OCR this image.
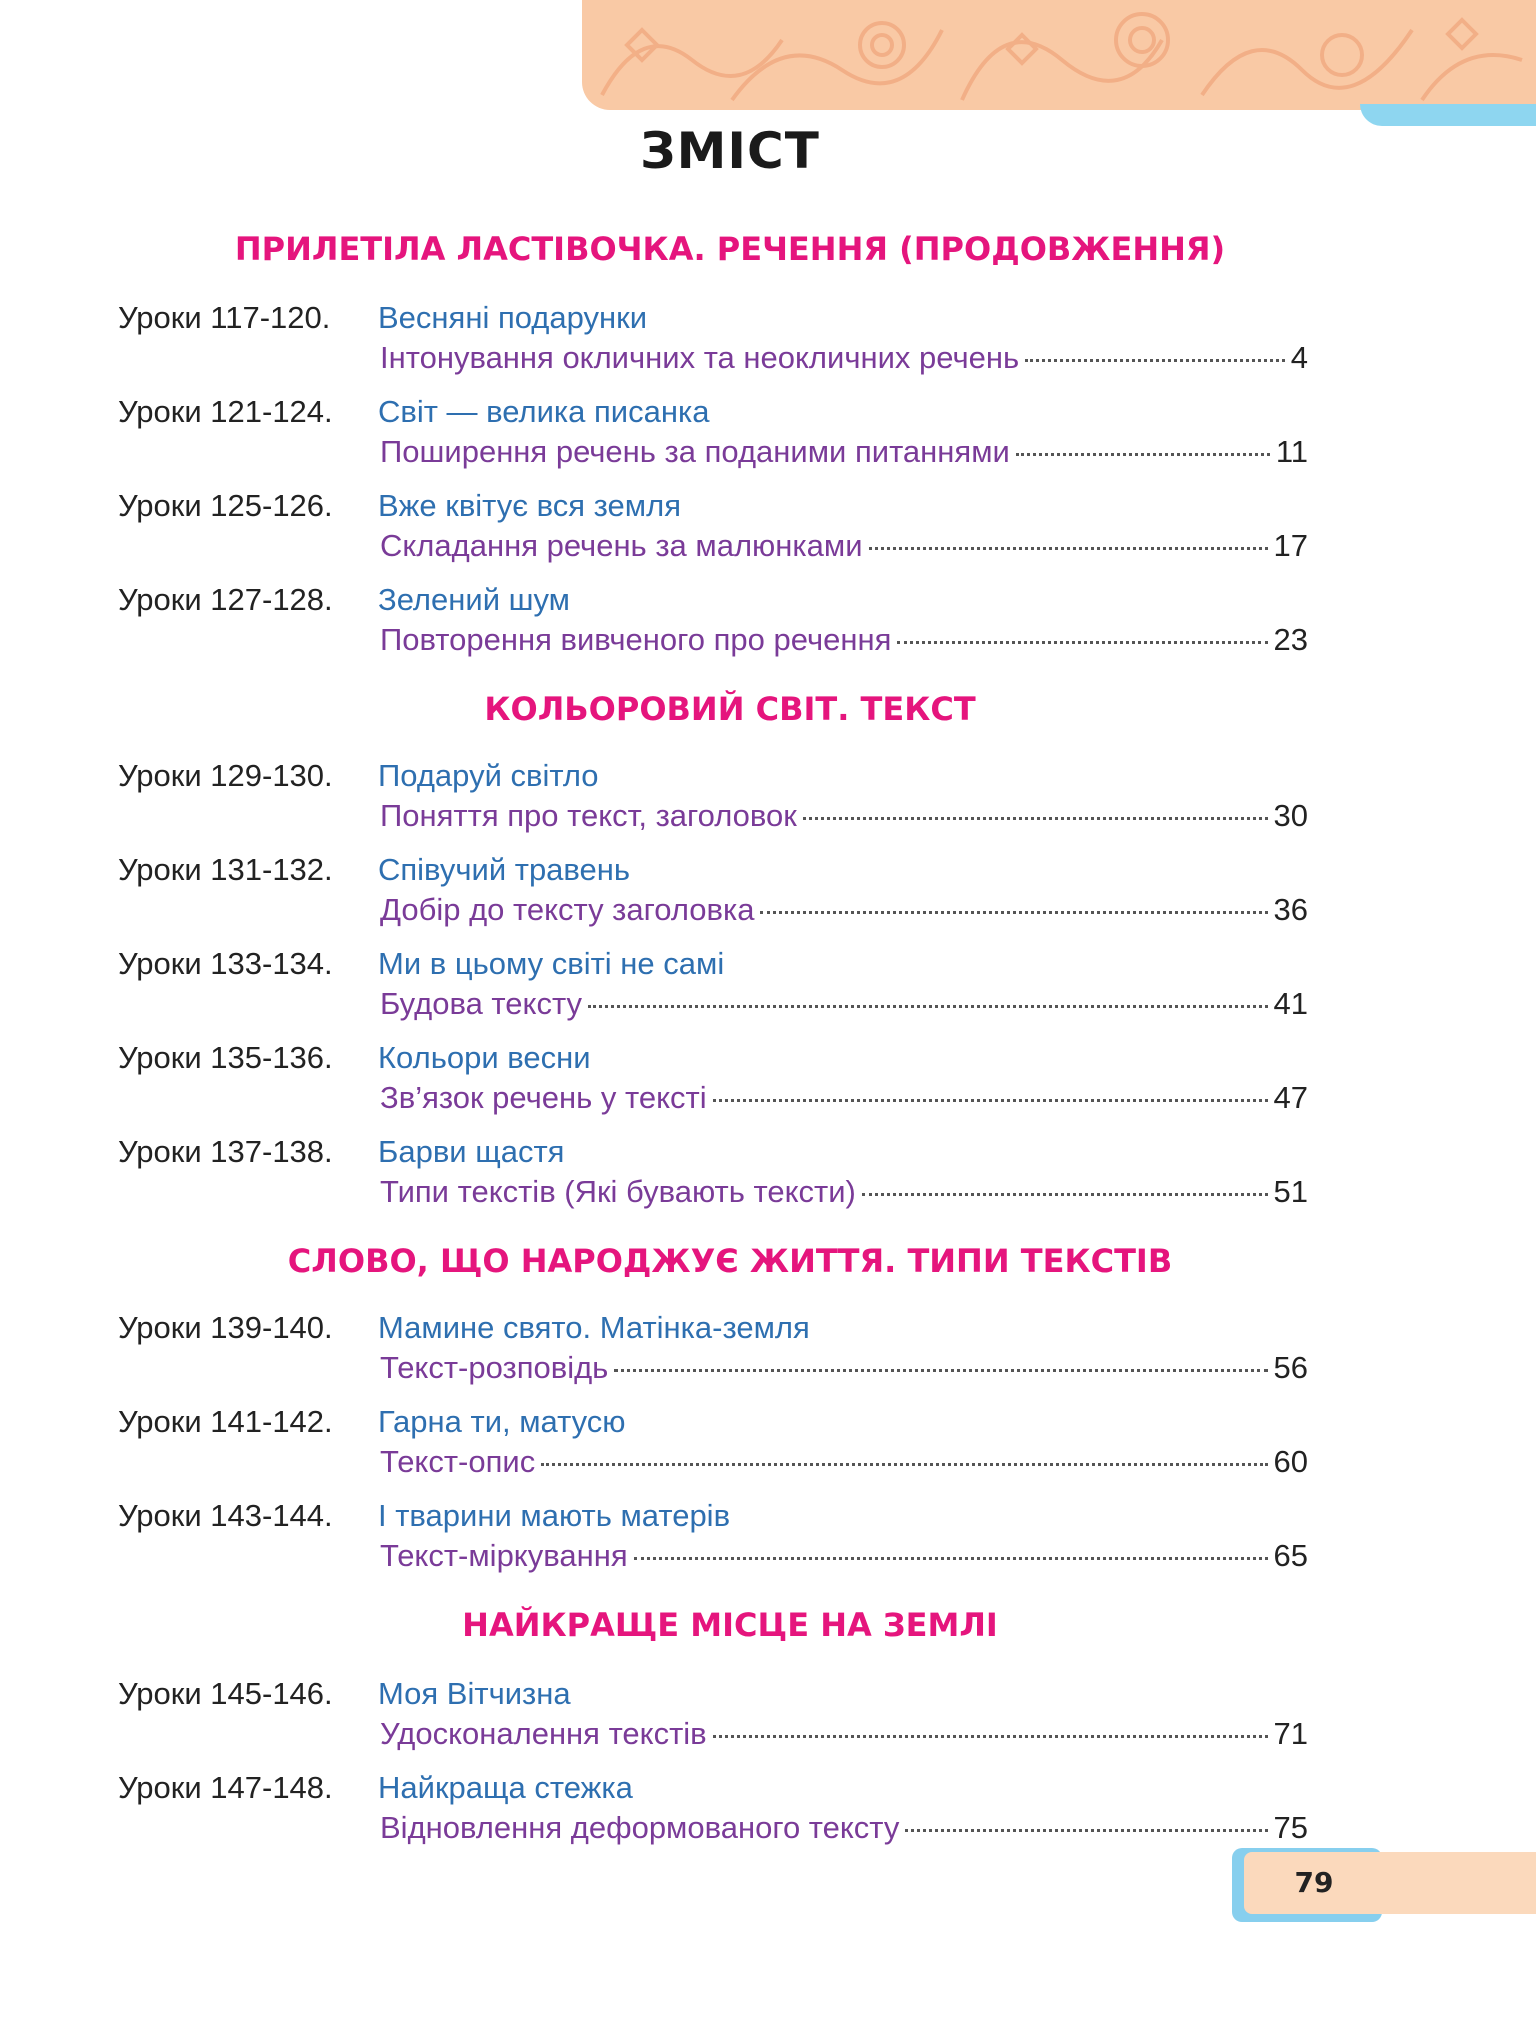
ЗМІСТ
ПРИЛЕТІЛА ЛАСТІВОЧКА. РЕЧЕННЯ (ПРОДОВЖЕННЯ)
Уроки 117-120. Весняні подарунки
Інтонування окличних та неокличних речень	4
Уроки 121-124. Світ — велика писанка
Поширення речень за поданими питаннями	11
Уроки 125-126. Вже квітує вся земля
Складання речень за малюнками	17
Уроки 127-128. Зелений шум
Повторення вивченого про речення	23
КОЛЬОРОВИЙ СВІТ. ТЕКСТ
Уроки 129-130. Подаруй світло
Поняття про текст, заголовок	30
Уроки 131-132. Співучий травень
Добір до тексту заголовка	36
Уроки 133-134. Ми в цьому світі не самі
Будова тексту	41
Уроки 135-136. Кольори весни
Зв’язок речень у тексті	47
Уроки 137-138. Барви щастя
Типи текстів (Які бувають тексти)	51
СЛОВО, ЩО НАРОДЖУЄ ЖИТТЯ. ТИПИ ТЕКСТІВ
Уроки 139-140. Мамине свято. Матінка-земля
Текст-розповідь	56
Уроки 141-142. Гарна ти, матусю
Текст-опис	60
Уроки 143-144. І тварини мають матерів
Текст-міркування	65
НАЙКРАЩЕ МІСЦЕ НА ЗЕМЛІ
Уроки 145-146. Моя Вітчизна
Удосконалення текстів	71
Уроки 147-148. Найкраща стежка
Відновлення деформованого тексту	75
79
